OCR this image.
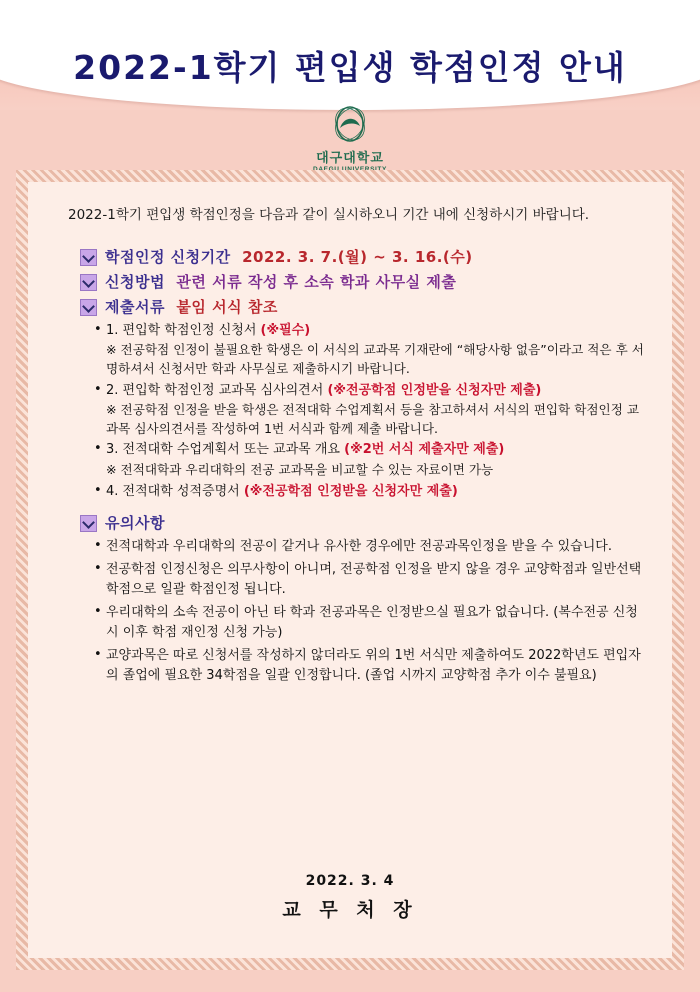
2022-1학기 편입생 학점인정 안내
대구대학교

2022-1학기 편입생 학점인정을 다음과 같이 실시하오니 기간 내에 신청하시기 바랍니다.

학점인정 신청기간 2022. 3. 7.(월) ~ 3. 16.(수)
신청방법 관련 서류 작성 후 소속 학과 사무실 제출
제출서류 붙임 서식 참조
• 1. 편입학 학점인정 신청서 (※필수)
※ 전공학점 인정이 불필요한 학생은 이 서식의 교과목 기재란에 “해당사항 없음”이라고 적은 후 서명하셔서 신청서만 학과 사무실로 제출하시기 바랍니다.
• 2. 편입학 학점인정 교과목 심사의견서 (※전공학점 인정받을 신청자만 제출)
※ 전공학점 인정을 받을 학생은 전적대학 수업계획서 등을 참고하셔서 서식의 편입학 학점인정 교과목 심사의견서를 작성하여 1번 서식과 함께 제출 바랍니다.
• 3. 전적대학 수업계획서 또는 교과목 개요 (※2번 서식 제출자만 제출)
※ 전적대학과 우리대학의 전공 교과목을 비교할 수 있는 자료이면 가능
• 4. 전적대학 성적증명서 (※전공학점 인정받을 신청자만 제출)
유의사항
• 전적대학과 우리대학의 전공이 같거나 유사한 경우에만 전공과목인정을 받을 수 있습니다.
• 전공학점 인정신청은 의무사항이 아니며, 전공학점 인정을 받지 않을 경우 교양학점과 일반선택학점으로 일괄 학점인정 됩니다.
• 우리대학의 소속 전공이 아닌 타 학과 전공과목은 인정받으실 필요가 없습니다. (복수전공 신청시 이후 학점 재인정 신청 가능)
• 교양과목은 따로 신청서를 작성하지 않더라도 위의 1번 서식만 제출하여도 2022학년도 편입자의 졸업에 필요한 34학점을 일괄 인정합니다. (졸업 시까지 교양학점 추가 이수 불필요)
2022. 3. 4
교 무 처 장
